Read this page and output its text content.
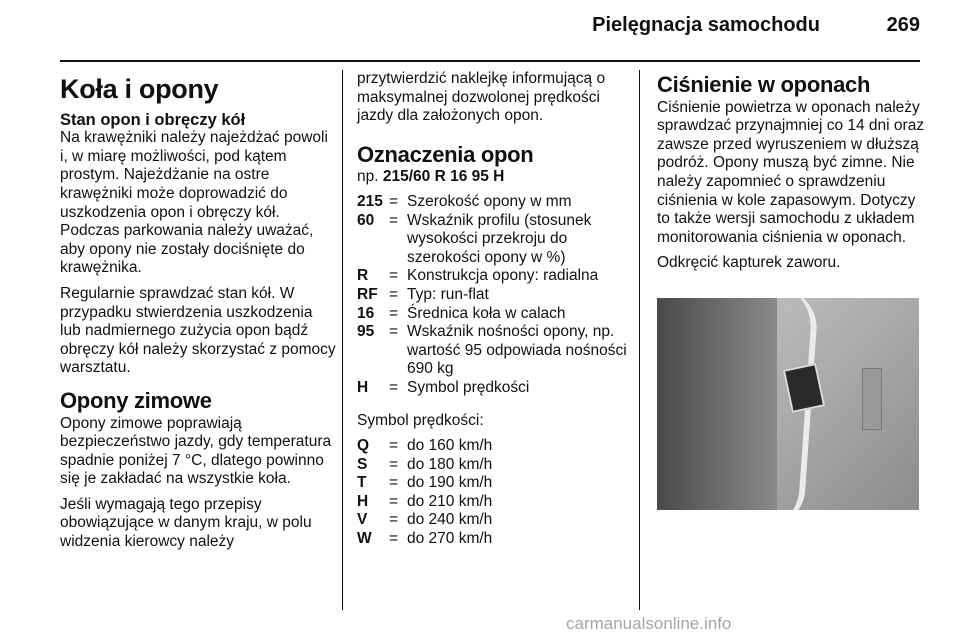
Pielęgnacja samochodu	269
Koła i opony
Stan opon i obręczy kół

Na krawężniki należy najeżdżać powoli i, w miarę możliwości, pod kątem prostym. Najeżdżanie na ostre krawężniki może doprowadzić do uszkodzenia opon i obręczy kół. Podczas parkowania należy uważać, aby opony nie zostały dociśnięte do krawężnika.

Regularnie sprawdzać stan kół. W przypadku stwierdzenia uszkodzenia lub nadmiernego zużycia opon bądź obręczy kół należy skorzystać z pomocy warsztatu.

Opony zimowe

Opony zimowe poprawiają bezpieczeństwo jazdy, gdy temperatura spadnie poniżej 7 °C, dlatego powinno się je zakładać na wszystkie koła.

Jeśli wymagają tego przepisy obowiązujące w danym kraju, w polu widzenia kierowcy należy

przytwierdzić naklejkę informującą o maksymalnej dozwolonej prędkości jazdy dla założonych opon.

Oznaczenia opon

np. 215/60 R 16 95 H

215	=	Szerokość opony w mm
60	=	Wskaźnik profilu (stosunek wysokości przekroju do szerokości opony w %)
R	=	Konstrukcja opony: radialna
RF	=	Typ: run-flat
16	=	Średnica koła w calach
95	=	Wskaźnik nośności opony, np. wartość 95 odpowiada nośności 690 kg
H	=	Symbol prędkości

Symbol prędkości:

Q	=	do 160 km/h
S	=	do 180 km/h
T	=	do 190 km/h
H	=	do 210 km/h
V	=	do 240 km/h
W	=	do 270 km/h
Ciśnienie w oponach

Ciśnienie powietrza w oponach należy sprawdzać przynajmniej co 14 dni oraz zawsze przed wyruszeniem w dłuższą podróż. Opony muszą być zimne. Nie należy zapomnieć o sprawdzeniu ciśnienia w kole zapasowym. Dotyczy to także wersji samochodu z układem monitorowania ciśnienia w oponach.

Odkręcić kapturek zaworu.

carmanualsonline.info
